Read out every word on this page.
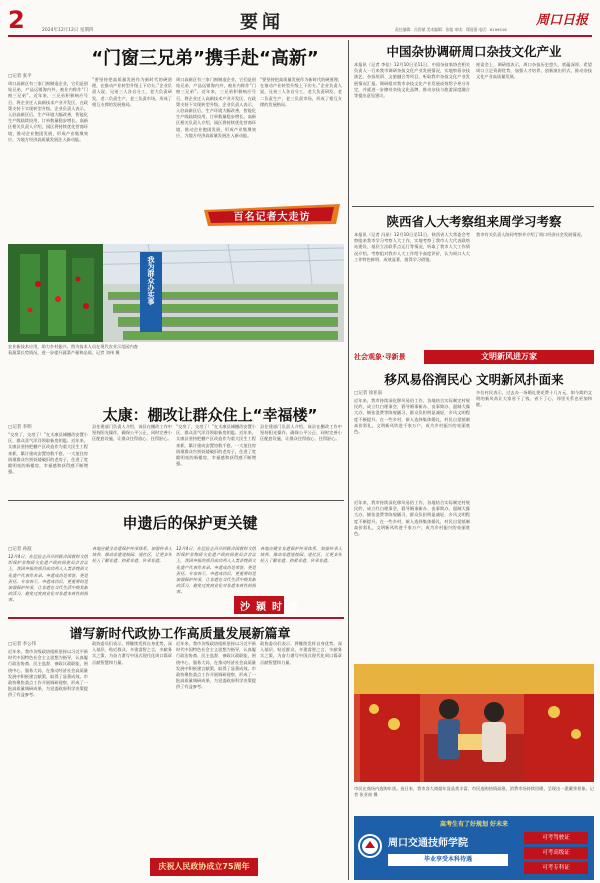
2	2024年12月12日 星期四	要闻	责任编辑：冯智斌 美术编辑：张聪 审读：郑国强 电话：6199516
周口日报
“门窗三兄弟”携手赴“高新”
□记者 张平
周口高新区有三家门窗制造企业，它们是创始兄弟，产品远销海内外，被业内称作“门窗三兄弟”。近年来，三兄弟积极响应号召，将企业迁入高新技术产业开发区，在政策支持下实现转型升级。企业负责人表示，入驻高新区后，生产环境大幅改善，智能化生产线陆续投用，订单数量稳步增长。高新区相关负责人介绍，园区将持续优化营商环境，推动企业抱团发展，形成产业集聚效应，为地方经济高质量发展注入新动能。
“要坚持把高质量发展作为新时代的硬道理，在推动产业转型升级上下功夫。”企业负责人说，兄弟三人各自分工，老大负责研发，老二负责生产，老三负责市场，形成了相互支撑的发展格局。
周口高新区有三家门窗制造企业，它们是创始兄弟，产品远销海内外，被业内称作“门窗三兄弟”。近年来，三兄弟积极响应号召，将企业迁入高新技术产业开发区，在政策支持下实现转型升级。企业负责人表示，入驻高新区后，生产环境大幅改善，智能化生产线陆续投用，订单数量稳步增长。高新区相关负责人介绍，园区将持续优化营商环境，推动企业抱团发展，形成产业集聚效应，为地方经济高质量发展注入新动能。
“要坚持把高质量发展作为新时代的硬道理，在推动产业转型升级上下功夫。”企业负责人说，兄弟三人各自分工，老大负责研发，老二负责生产，老三负责市场，形成了相互支撑的发展格局。
百名记者大走访
我为群众办实事
农业新技术应用，助力乡村振兴。图为技术人员在现代农业示范园内查看蔬菜长势情况，进一步提升蔬菜产量和品质。记者 刘伟 摄
太康：棚改让群众住上“幸福楼”
□记者 李明
“交房了，交房了！”在太康县城棚改安置小区，群众喜气洋洋领取新房钥匙。近年来，太康县坚持把棚户区改造作为重大民生工程来抓，累计建成安置房数千套，一大批住房困难群众告别低矮破旧的老房子，住进了宽敞明亮的新楼房，幸福感和获得感不断增强。
县住建部门负责人介绍，该县在棚改工作中坚持阳光操作，确保公平公正，同时完善小区配套设施，让群众住得放心、住得舒心。
“交房了，交房了！”在太康县城棚改安置小区，群众喜气洋洋领取新房钥匙。近年来，太康县坚持把棚户区改造作为重大民生工程来抓，累计建成安置房数千套，一大批住房困难群众告别低矮破旧的老房子，住进了宽敞明亮的新楼房，幸福感和获得感不断增强。
县住建部门负责人介绍，该县在棚改工作中坚持阳光操作，确保公平公正，同时完善小区配套设施，让群众住得放心、住得舒心。
申遗后的保护更关键
□记者 孙波
12月4日，在巴拉圭召开的联合国教科文组织保护非物质文化遗产政府间委员会会议上，我国申报的项目成功列入人类非物质文化遗产代表作名录。申遗成功是荣誉，更是责任。专家表示，申遗成功后，更重要的是加强保护传承，让非遗在当代生活中焕发新的活力，避免过度商业化对非遗本真性的损害。
各地应健全非遗保护传承体系，加强传承人培养，推动非遗进校园、进社区，让更多年轻人了解非遗、热爱非遗、传承非遗。
12月4日，在巴拉圭召开的联合国教科文组织保护非物质文化遗产政府间委员会会议上，我国申报的项目成功列入人类非物质文化遗产代表作名录。申遗成功是荣誉，更是责任。专家表示，申遗成功后，更重要的是加强保护传承，让非遗在当代生活中焕发新的活力，避免过度商业化对非遗本真性的损害。
各地应健全非遗保护传承体系，加强传承人培养，推动非遗进校园、进社区，让更多年轻人了解非遗、热爱非遗、传承非遗。
沙颍时评
谱写新时代政协工作高质量发展新篇章
□记者 李公伟
近年来，我市各级政协组织坚持以习近平新时代中国特色社会主义思想为指导，认真履行政治协商、民主监督、参政议政职能，围绕中心、服务大局，在推动经济社会高质量发展中积极建言献策，取得了显著成效。市政协聚焦重点工作开展调研视察，形成了一批高质量调研成果，为党委政府科学决策提供了有益参考。
政协委员们表示，将继续发挥自身优势，深入基层、贴近群众，多建睿智之言，多献务实之策，为奋力谱写中国式现代化周口篇章贡献智慧和力量。
近年来，我市各级政协组织坚持以习近平新时代中国特色社会主义思想为指导，认真履行政治协商、民主监督、参政议政职能，围绕中心、服务大局，在推动经济社会高质量发展中积极建言献策，取得了显著成效。市政协聚焦重点工作开展调研视察，形成了一批高质量调研成果，为党委政府科学决策提供了有益参考。
政协委员们表示，将继续发挥自身优势，深入基层、贴近群众，多建睿智之言，多献务实之策，为奋力谱写中国式现代化周口篇章贡献智慧和力量。
庆祝人民政协成立75周年
中国杂协调研周口杂技文化产业
本报讯（记者 李佳）12月10日至11日，中国杂技家协会相关负责人一行来我市调研杂技文化产业发展情况，实地察看杂技演艺、杂技培训、文旅融合等项目，听取我市杂技文化产业发展情况汇报。调研组对我市杂技文化产业发展成效给予充分肯定，并就进一步擦亮杂技文化品牌、推动杂技与旅游深度融合等提出意见建议。
座谈会上，调研组表示，周口杂技历史悠久、底蕴深厚，希望周口立足资源优势，加强人才培养，创新演出形式，推动杂技文化产业高质量发展。
陕西省人大考察组来周学习考察
本报讯（记者 冯星）12月10日至11日，陕西省人大常委会考察组来我市学习考察人大工作，实地考察了我市人大代表联络站建设、基层立法联系点运行等情况，听取了我市人大工作情况介绍。考察组对我市人大工作给予高度评价，认为周口人大工作特色鲜明、成效显著，值得学习借鉴。
我市有关负责人陪同考察并介绍了周口经济社会发展情况。
社会观象·寻新景	文明新风进万家
移风易俗润民心 文明新风扑面来
□记者 徐亚南
近年来，我市持续深化移风易俗工作，各地结合实际制定村规民约，成立红白理事会，倡导婚事新办、丧事简办，遏制大操大办、铺张浪费等陈规陋习，群众负担明显减轻，乡风文明程度不断提升。在一些乡村，新人选择集体婚礼，村民自觉抵制高价彩礼，文明新风吹进千家万户，成为乡村振兴的亮丽底色。
多位村民表示，过去办一场婚礼要花费十几万元，如今简约文明的新风尚让大家省下了钱、省下了心，邻里关系也更加和睦。
近年来，我市持续深化移风易俗工作，各地结合实际制定村规民约，成立红白理事会，倡导婚事新办、丧事简办，遏制大操大办、铺张浪费等陈规陋习，群众负担明显减轻，乡风文明程度不断提升。在一些乡村，新人选择集体婚礼，村民自觉抵制高价彩礼，文明新风吹进千家万户，成为乡村振兴的亮丽底色。
市民在商场内选购年货。连日来，我市各大商超年货品类丰富，市民选购热情高涨，消费市场持续回暖，呈现出一派繁荣景象。记者 张亚南 摄
高考生有了好规划 好未来
周口交通技师学院
毕业享受本科待遇
可考驾驶证
可考高级证
可考专科证
